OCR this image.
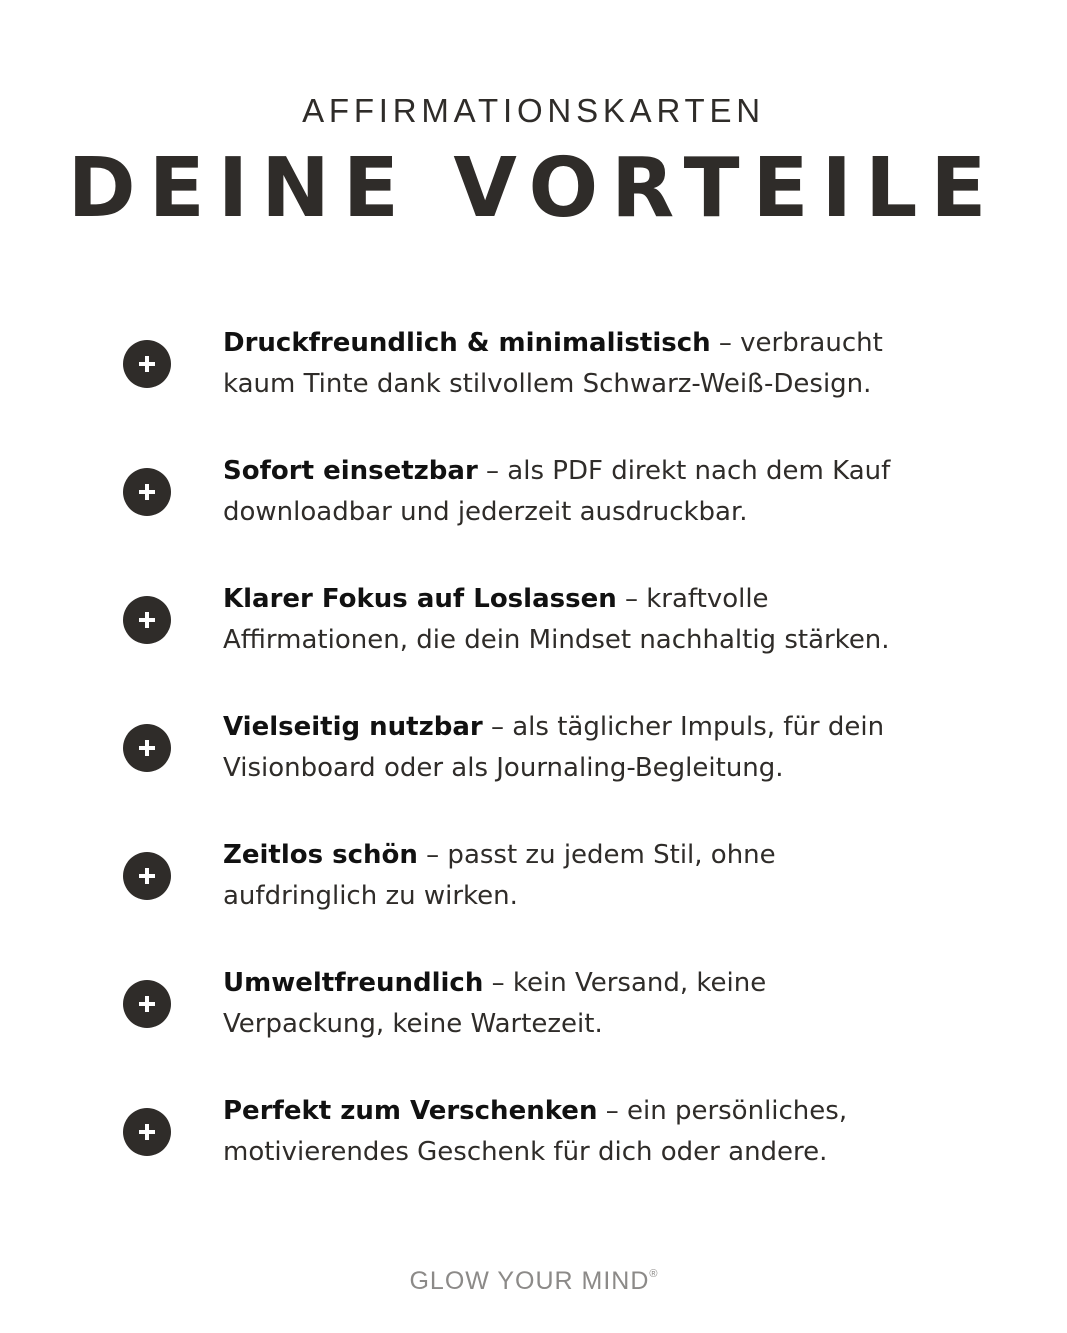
AFFIRMATIONSKARTEN
DEINE VORTEILE
Druckfreundlich & minimalistisch – verbraucht
kaum Tinte dank stilvollem Schwarz-Weiß-Design.
Sofort einsetzbar – als PDF direkt nach dem Kauf
downloadbar und jederzeit ausdruckbar.
Klarer Fokus auf Loslassen – kraftvolle
Affirmationen, die dein Mindset nachhaltig stärken.
Vielseitig nutzbar – als täglicher Impuls, für dein
Visionboard oder als Journaling-Begleitung.
Zeitlos schön – passt zu jedem Stil, ohne
aufdringlich zu wirken.
Umweltfreundlich – kein Versand, keine
Verpackung, keine Wartezeit.
Perfekt zum Verschenken – ein persönliches,
motivierendes Geschenk für dich oder andere.
GLOW YOUR MIND®
